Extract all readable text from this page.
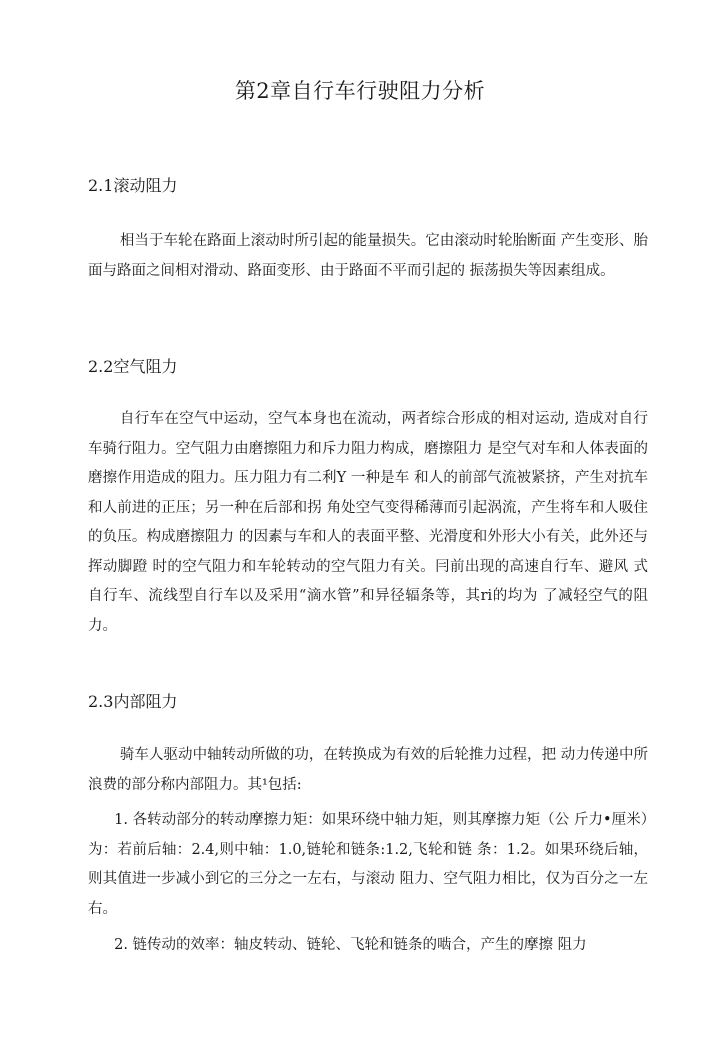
第2章自行车行驶阻力分析
2.1滚动阻力

相当于车轮在路面上滚动时所引起的能量损失。它由滚动时轮胎断面 产生变形、胎面与路面之间相对滑动、路面变形、由于路面不平而引起的 振荡损失等因素组成。

2.2空气阻力

自行车在空气中运动，空气本身也在流动，两者综合形成的相对运动, 造成对自行车骑行阻力。空气阻力由磨擦阻力和斥力阻力构成，磨擦阻力 是空气对车和人体表面的磨擦作用造成的阻力。压力阻力有二利Y 一种是车 和人的前部气流被紧挤，产生对抗车和人前进的正压；另一种在后部和拐 角处空气变得稀薄而引起涡流，产生将车和人吸住的负压。构成磨擦阻力 的因素与车和人的表面平整、光滑度和外形大小有关，此外还与挥动脚蹬 时的空气阻力和车轮转动的空气阻力有关。冃前出现的高速自行车、避风 式自行车、流线型自行车以及采用“滴水管”和异径辐条等，其ri的均为 了减轻空气的阻力。

2.3内部阻力

骑车人驱动中轴转动所做的功，在转换成为有效的后轮推力过程，把 动力传递中所浪费的部分称内部阻力。其¹包括:

1. 各转动部分的转动摩擦力矩：如果环绕中轴力矩，则其摩擦力矩（公 斤力•厘米）为：若前后轴：2.4,则中轴：1.0,链轮和链条:1.2,飞轮和链 条：1.2。如果环绕后轴，则其值进一步减小到它的三分之一左右，与滚动 阻力、空气阻力相比，仅为百分之一左右。

2. 链传动的效率：轴皮转动、链轮、飞轮和链条的啮合，产生的摩擦 阻力
